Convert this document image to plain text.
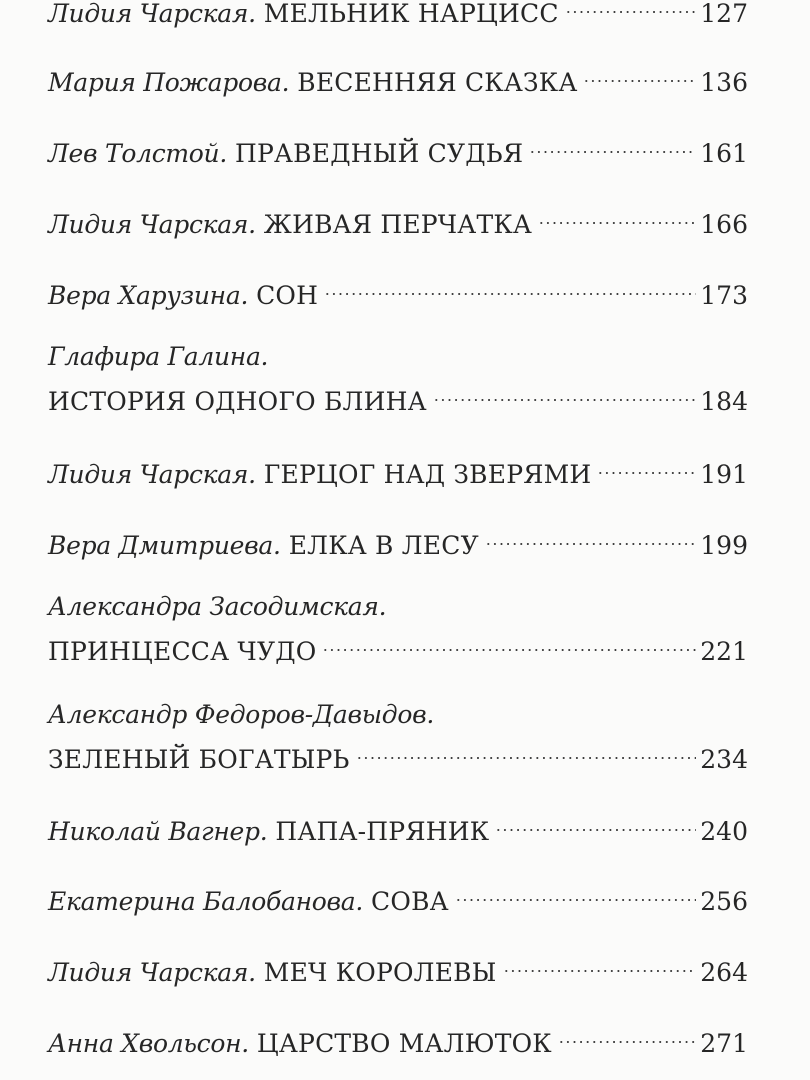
Лидия Чарская. МЕЛЬНИК НАРЦИСС	127
Мария Пожарова. ВЕСЕННЯЯ СКАЗКА	136
Лев Толстой. ПРАВЕДНЫЙ СУДЬЯ	161
Лидия Чарская. ЖИВАЯ ПЕРЧАТКА	166
Вера Харузина. СОН	173
Глафира Галина.
ИСТОРИЯ ОДНОГО БЛИНА	184
Лидия Чарская. ГЕРЦОГ НАД ЗВЕРЯМИ	191
Вера Дмитриева. ЕЛКА В ЛЕСУ	199
Александра Засодимская.
ПРИНЦЕССА ЧУДО	221
Александр Федоров-Давыдов.
ЗЕЛЕНЫЙ БОГАТЫРЬ	234
Николай Вагнер. ПАПА-ПРЯНИК	240
Екатерина Балобанова. СОВА	256
Лидия Чарская. МЕЧ КОРОЛЕВЫ	264
Анна Хвольсон. ЦАРСТВО МАЛЮТОК	271
